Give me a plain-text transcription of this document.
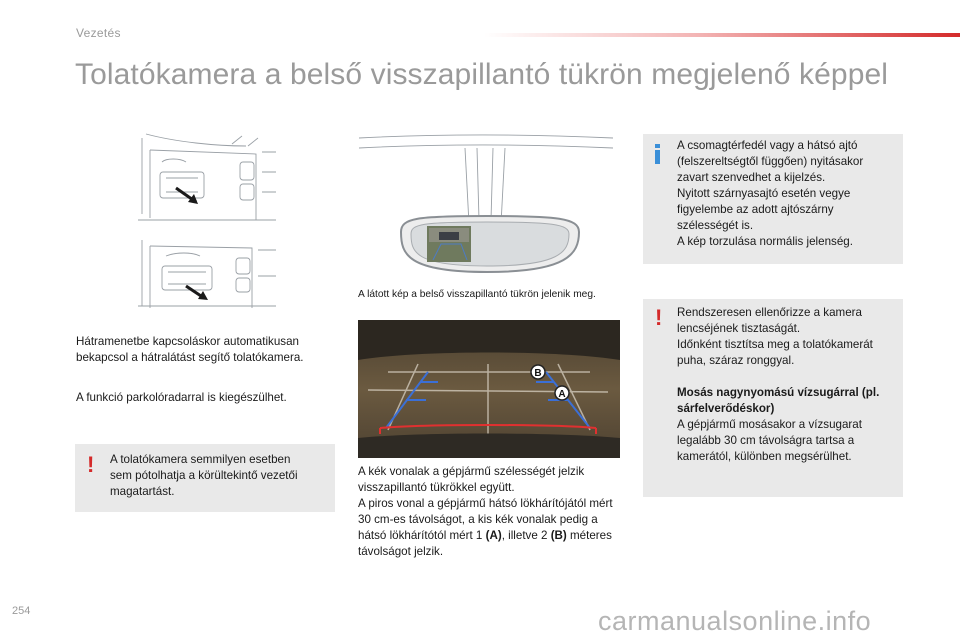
Vezetés
Tolatókamera a belső visszapillantó tükrön megjelenő képpel
Hátramenetbe kapcsoláskor automatikusan bekapcsol a hátralátást segítő tolatókamera.
A funkció parkolóradarral is kiegészülhet.
! A tolatókamera semmilyen esetben sem pótolhatja a körültekintő vezetői magatartást.
A látott kép a belső visszapillantó tükrön jelenik meg.
B
A
A kék vonalak a gépjármű szélességét jelzik visszapillantó tükrökkel együtt.
A piros vonal a gépjármű hátsó lökhárítójától mért 30 cm-es távolságot, a kis kék vonalak pedig a hátsó lökhárítótól mért 1 (A), illetve 2 (B) méteres távolságot jelzik.
A csomagtérfedél vagy a hátsó ajtó (felszereltségtől függően) nyitásakor zavart szenvedhet a kijelzés.
Nyitott szárnyasajtó esetén vegye figyelembe az adott ajtószárny szélességét is.
A kép torzulása normális jelenség.
! Rendszeresen ellenőrizze a kamera lencséjének tisztaságát.
Időnként tisztítsa meg a tolatókamerát puha, száraz ronggyal.
Mosás nagynyomású vízsugárral (pl. sárfelverődéskor)
A gépjármű mosásakor a vízsugarat legalább 30 cm távolságra tartsa a kamerától, különben megsérülhet.
254	carmanualsonline.info
